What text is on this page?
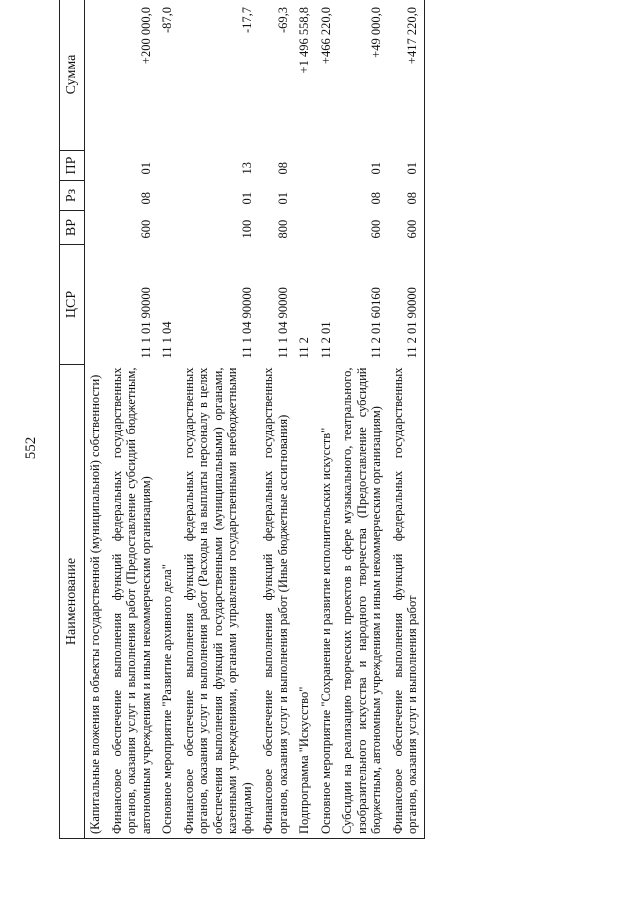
552
Наименование	ЦСР	ВР	Рз	ПР	Сумма
(Капитальные вложения в объекты государственной (муниципальной) собственности)					
Финансовое обеспечение выполнения функций федеральных государственных органов, оказания услуг и выполнения работ (Предоставление субсидий бюджетным, автономным учреждениям и иным некоммерческим организациям)	11 1 01 90000	600	08	01	+200 000,0
Основное мероприятие "Развитие архивного дела"	11 1 04				-87,0
Финансовое обеспечение выполнения функций федеральных государственных органов, оказания услуг и выполнения работ (Расходы на выплаты персоналу в целях обеспечения выполнения функций государственными (муниципальными) органами, казенными учреждениями, органами управления государственными внебюджетными фондами)	11 1 04 90000	100	01	13	-17,7
Финансовое обеспечение выполнения функций федеральных государственных органов, оказания услуг и выполнения работ (Иные бюджетные ассигнования)	11 1 04 90000	800	01	08	-69,3
Подпрограмма "Искусство"	11 2				+1 496 558,8
Основное мероприятие "Сохранение и развитие исполнительских искусств"	11 2 01				+466 220,0
Субсидии на реализацию творческих проектов в сфере музыкального, театрального, изобразительного искусства и народного творчества (Предоставление субсидий бюджетным, автономным учреждениям и иным некоммерческим организациям)	11 2 01 60160	600	08	01	+49 000,0
Финансовое обеспечение выполнения функций федеральных государственных органов, оказания услуг и выполнения работ	11 2 01 90000	600	08	01	+417 220,0
